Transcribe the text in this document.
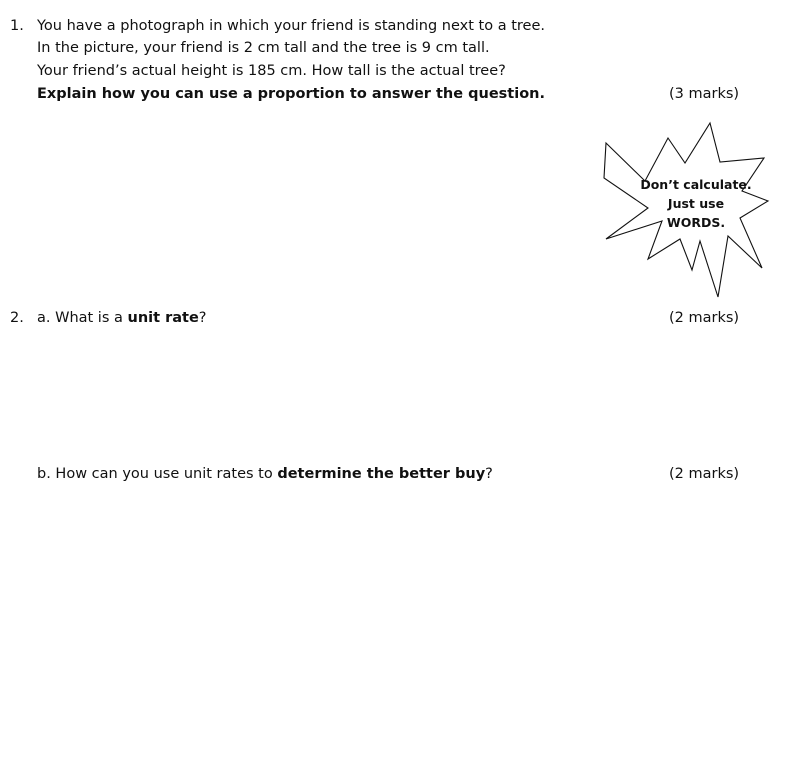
1. You have a photograph in which your friend is standing next to a tree.
In the picture, your friend is 2 cm tall and the tree is 9 cm tall.
Your friend’s actual height is 185 cm. How tall is the actual tree?
Explain how you can use a proportion to answer the question.	(3 marks)
Don’t calculate.
Just use
WORDS.
2. a. What is a unit rate?	(2 marks)
b. How can you use unit rates to determine the better buy?	(2 marks)
